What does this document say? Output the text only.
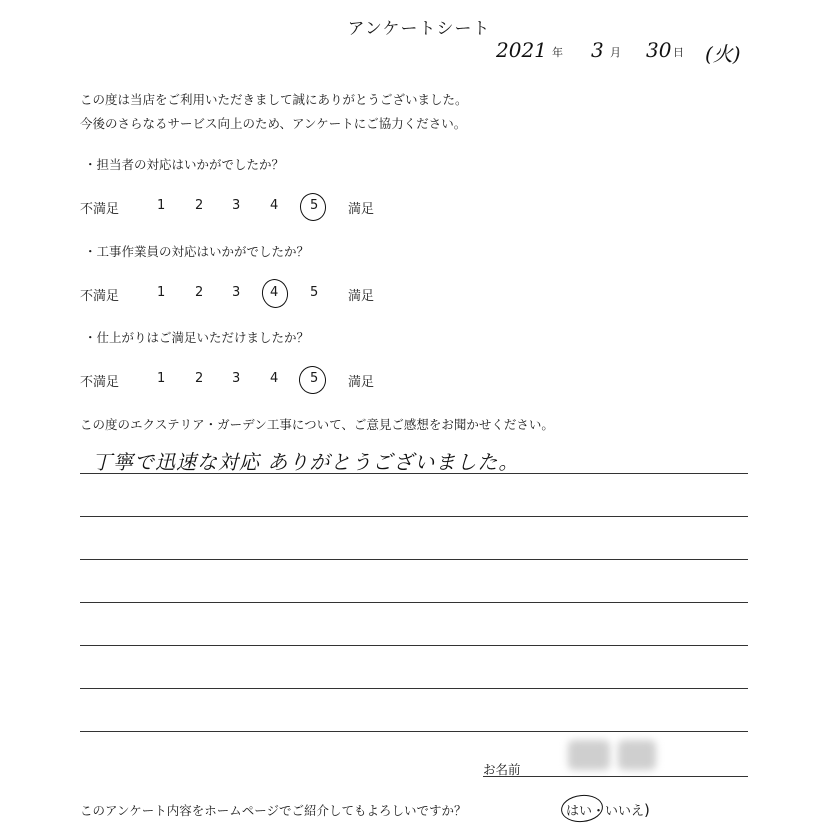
アンケートシート
2021 年 3 月 30 日 (火)
この度は当店をご利用いただきまして誠にありがとうございました。
今後のさらなるサービス向上のため、アンケートにご協力ください。
・担当者の対応はいかがでしたか？
不満足	1 2 3 4 5 満足
・工事作業員の対応はいかがでしたか？
不満足	1 2 3 4 5 満足
・仕上がりはご満足いただけましたか？
不満足	1 2 3 4 5 満足
この度のエクステリア・ガーデン工事について、ご意見ご感想をお聞かせください。
丁寧で迅速な対応 ありがとうございました。
お名前
このアンケート内容をホームページでご紹介してもよろしいですか？	はい・いいえ)
